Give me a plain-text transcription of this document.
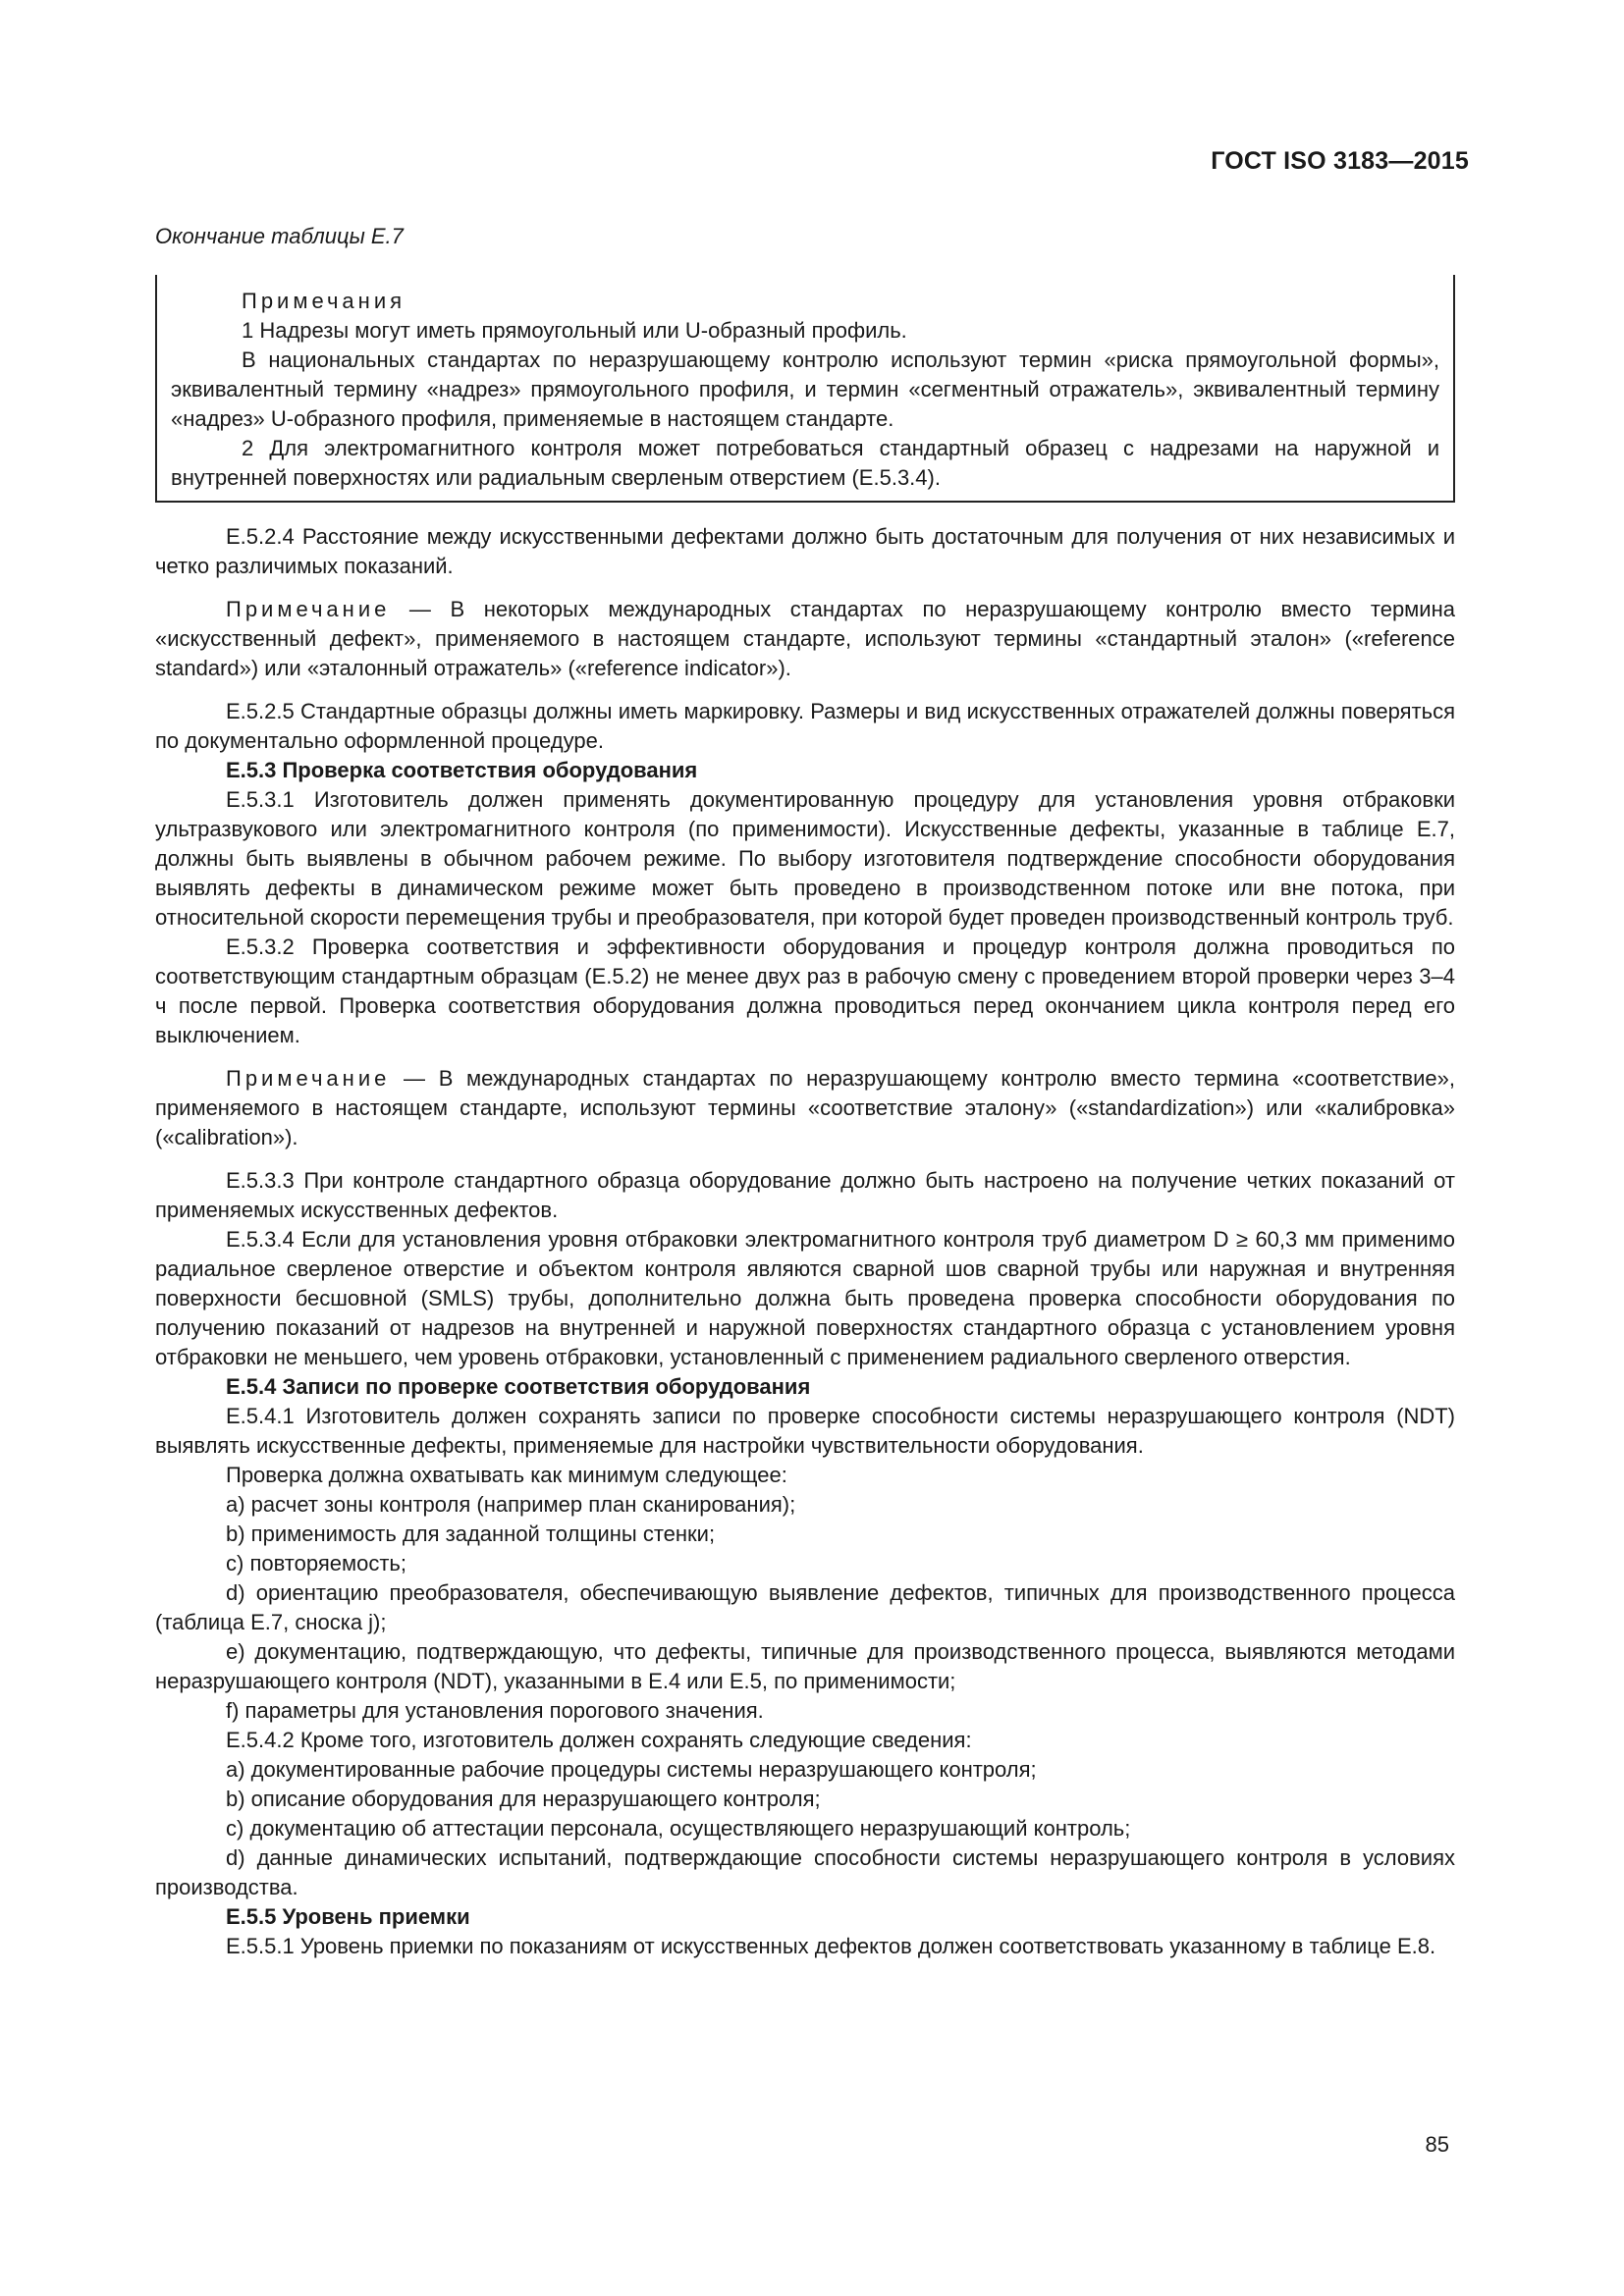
ГОСТ ISO 3183—2015
Окончание таблицы Е.7

Примечания

1 Надрезы могут иметь прямоугольный или U-образный профиль.

В национальных стандартах по неразрушающему контролю используют термин «риска прямоугольной формы», эквивалентный термину «надрез» прямоугольного профиля, и термин «сегментный отражатель», эквивалентный термину «надрез» U-образного профиля, применяемые в настоящем стандарте.

2 Для электромагнитного контроля может потребоваться стандартный образец с надрезами на наружной и внутренней поверхностях или радиальным сверленым отверстием (E.5.3.4).

E.5.2.4 Расстояние между искусственными дефектами должно быть достаточным для получения от них независимых и четко различимых показаний.

Примечание — В некоторых международных стандартах по неразрушающему контролю вместо термина «искусственный дефект», применяемого в настоящем стандарте, используют термины «стандартный эталон» («reference standard») или «эталонный отражатель» («reference indicator»).

E.5.2.5 Стандартные образцы должны иметь маркировку. Размеры и вид искусственных отражателей должны поверяться по документально оформленной процедуре.

E.5.3 Проверка соответствия оборудования

E.5.3.1 Изготовитель должен применять документированную процедуру для установления уровня отбраковки ультразвукового или электромагнитного контроля (по применимости). Искусственные дефекты, указанные в таблице Е.7, должны быть выявлены в обычном рабочем режиме. По выбору изготовителя подтверждение способности оборудования выявлять дефекты в динамическом режиме может быть проведено в производственном потоке или вне потока, при относительной скорости перемещения трубы и преобразователя, при которой будет проведен производственный контроль труб.

E.5.3.2 Проверка соответствия и эффективности оборудования и процедур контроля должна проводиться по соответствующим стандартным образцам (E.5.2) не менее двух раз в рабочую смену с проведением второй проверки через 3–4 ч после первой. Проверка соответствия оборудования должна проводиться перед окончанием цикла контроля перед его выключением.

Примечание — В международных стандартах по неразрушающему контролю вместо термина «соответствие», применяемого в настоящем стандарте, используют термины «соответствие эталону» («standardization») или «калибровка» («calibration»).

E.5.3.3 При контроле стандартного образца оборудование должно быть настроено на получение четких показаний от применяемых искусственных дефектов.

E.5.3.4 Если для установления уровня отбраковки электромагнитного контроля труб диаметром D ≥ 60,3 мм применимо радиальное сверленое отверстие и объектом контроля являются сварной шов сварной трубы или наружная и внутренняя поверхности бесшовной (SMLS) трубы, дополнительно должна быть проведена проверка способности оборудования по получению показаний от надрезов на внутренней и наружной поверхностях стандартного образца с установлением уровня отбраковки не меньшего, чем уровень отбраковки, установленный с применением радиального сверленого отверстия.

E.5.4 Записи по проверке соответствия оборудования

E.5.4.1 Изготовитель должен сохранять записи по проверке способности системы неразрушающего контроля (NDT) выявлять искусственные дефекты, применяемые для настройки чувствительности оборудования.

Проверка должна охватывать как минимум следующее:

a) расчет зоны контроля (например план сканирования);

b) применимость для заданной толщины стенки;

c) повторяемость;

d) ориентацию преобразователя, обеспечивающую выявление дефектов, типичных для производственного процесса (таблица Е.7, сноска j);

e) документацию, подтверждающую, что дефекты, типичные для производственного процесса, выявляются методами неразрушающего контроля (NDT), указанными в Е.4 или Е.5, по применимости;

f) параметры для установления порогового значения.

E.5.4.2 Кроме того, изготовитель должен сохранять следующие сведения:

a) документированные рабочие процедуры системы неразрушающего контроля;

b) описание оборудования для неразрушающего контроля;

c) документацию об аттестации персонала, осуществляющего неразрушающий контроль;

d) данные динамических испытаний, подтверждающие способности системы неразрушающего контроля в условиях производства.

E.5.5 Уровень приемки

E.5.5.1 Уровень приемки по показаниям от искусственных дефектов должен соответствовать указанному в таблице Е.8.

85
